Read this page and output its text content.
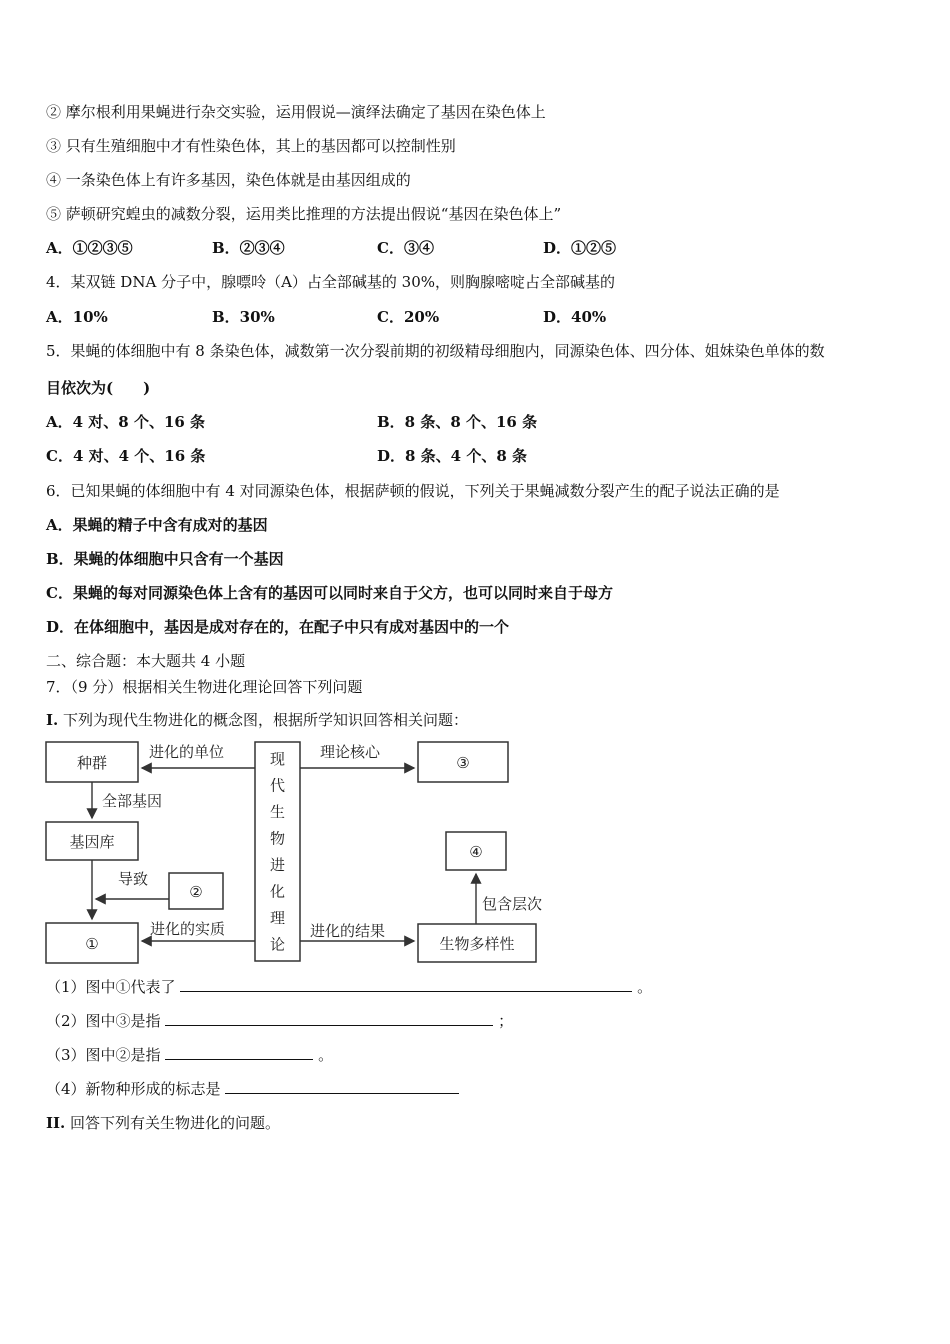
② 摩尔根利用果蝇进行杂交实验，运用假说—演绎法确定了基因在染色体上
③ 只有生殖细胞中才有性染色体，其上的基因都可以控制性别
④ 一条染色体上有许多基因，染色体就是由基因组成的
⑤ 萨顿研究蝗虫的减数分裂，运用类比推理的方法提出假说“基因在染色体上”
A．①②③⑤	B．②③④	C．③④	D．①②⑤
4．某双链 DNA 分子中，腺嘌呤（A）占全部碱基的 30%，则胸腺嘧啶占全部碱基的
A．10%	B．30%	C．20%	D．40%
5．果蝇的体细胞中有 8 条染色体，减数第一次分裂前期的初级精母细胞内，同源染色体、四分体、姐妹染色单体的数
目依次为(　　)
A．4 对、8 个、16 条	B．8 条、8 个、16 条
C．4 对、4 个、16 条	D．8 条、4 个、8 条
6．已知果蝇的体细胞中有 4 对同源染色体，根据萨顿的假说，下列关于果蝇减数分裂产生的配子说法正确的是
A．果蝇的精子中含有成对的基因
B．果蝇的体细胞中只含有一个基因
C．果蝇的每对同源染色体上含有的基因可以同时来自于父方，也可以同时来自于母方
D．在体细胞中，基因是成对存在的，在配子中只有成对基因中的一个
二、综合题：本大题共 4 小题
7．（9 分）根据相关生物进化理论回答下列问题
I. 下列为现代生物进化的概念图，根据所学知识回答相关问题：
种群
基因库
①
②
③
④
生物多样性
现
代
生
物
进
化
理
论
进化的单位	理论核心
全部基因
导致
进化的实质	进化的结果
包含层次
（1）图中①代表了	。
（2）图中③是指	；
（3）图中②是指	。
（4）新物种形成的标志是
II. 回答下列有关生物进化的问题。
